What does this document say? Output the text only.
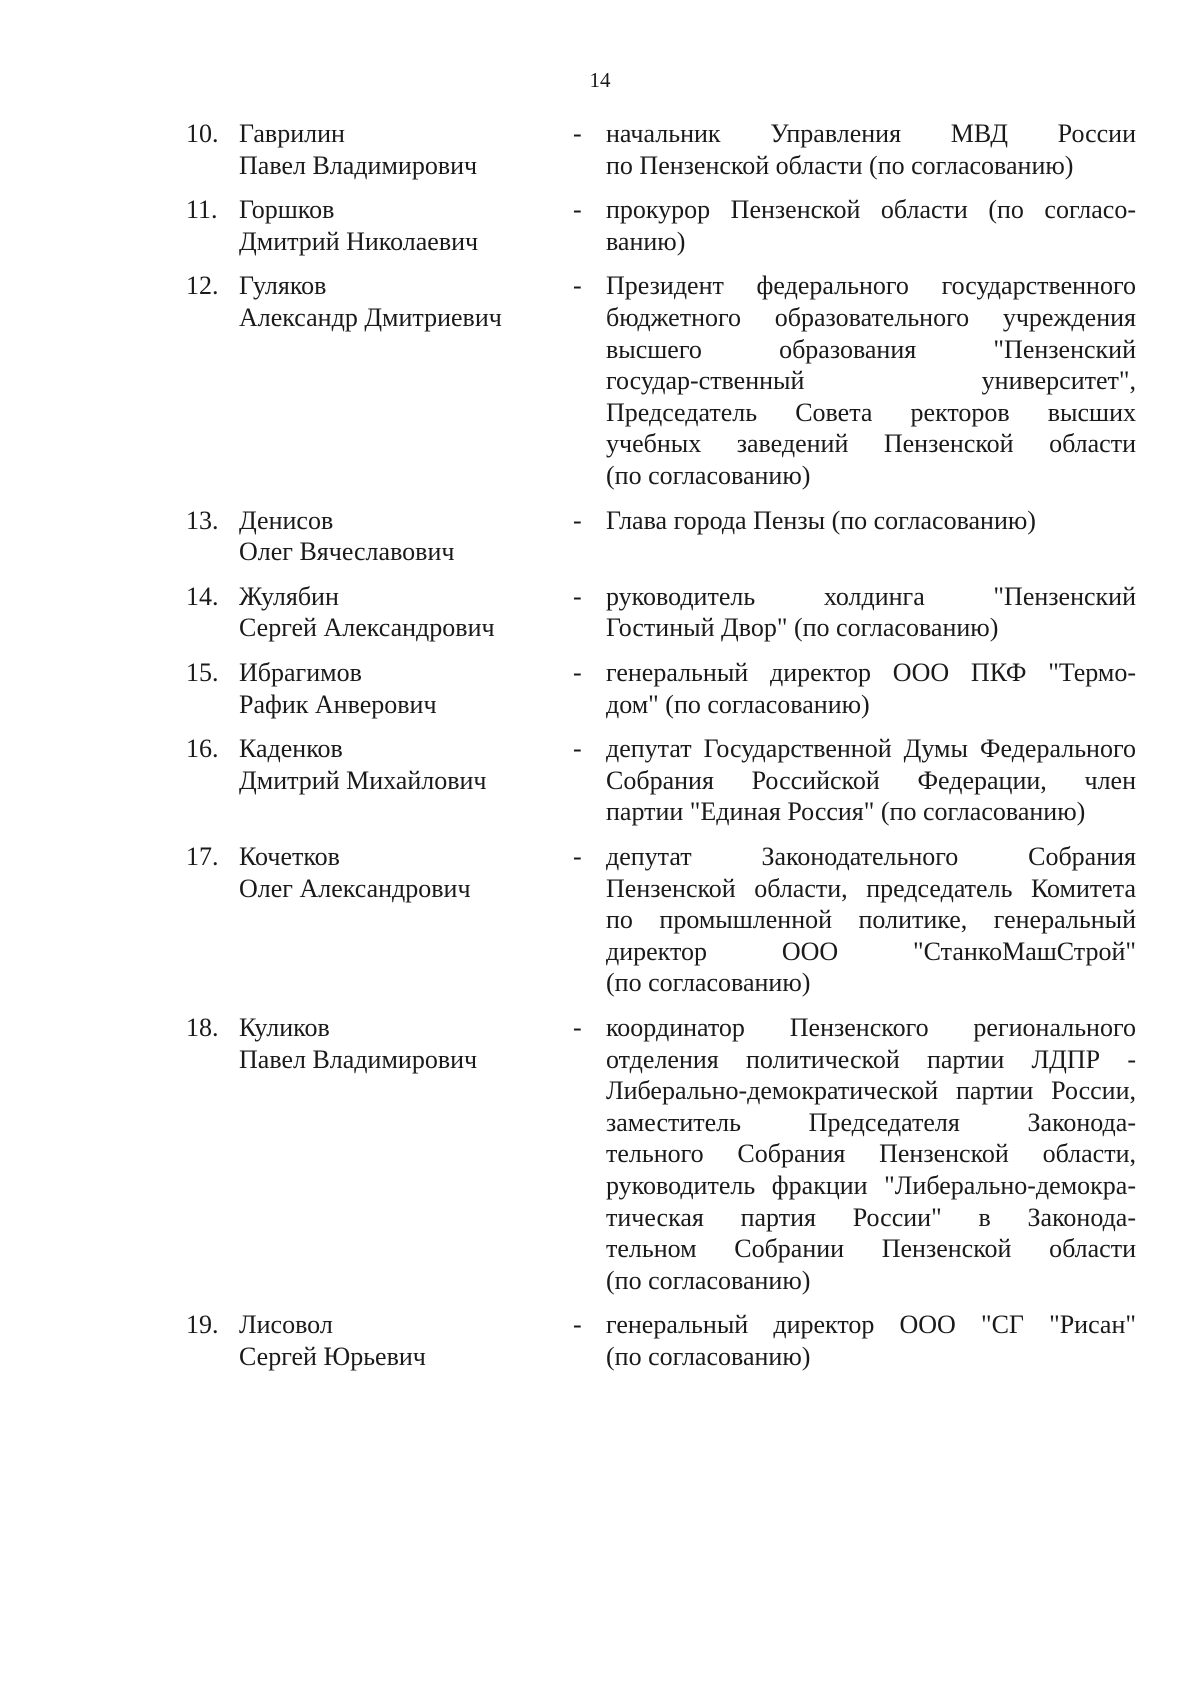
14
10. Гаврилин
Павел Владимирович
- начальник Управления МВД России
по Пензенской области (по согласованию)
11. Горшков
Дмитрий Николаевич
- прокурор Пензенской области (по согласо-
ванию)
12. Гуляков
Александр Дмитриевич
- Президент федерального государственного
бюджетного образовательного учреждения
высшего образования "Пензенский
государ-ственный университет",
Председатель Совета ректоров высших
учебных заведений Пензенской области
(по согласованию)
13. Денисов
Олег Вячеславович
- Глава города Пензы (по согласованию)
14. Жулябин
Сергей Александрович
- руководитель холдинга "Пензенский
Гостиный Двор" (по согласованию)
15. Ибрагимов
Рафик Анверович
- генеральный директор ООО ПКФ "Термо-
дом" (по согласованию)
16. Каденков
Дмитрий Михайлович
- депутат Государственной Думы Федерального
Собрания Российской Федерации, член
партии "Единая Россия" (по согласованию)
17. Кочетков
Олег Александрович
- депутат Законодательного Собрания
Пензенской области, председатель Комитета
по промышленной политике, генеральный
директор ООО "СтанкоМашСтрой"
(по согласованию)
18. Куликов
Павел Владимирович
- координатор Пензенского регионального
отделения политической партии ЛДПР -
Либерально-демократической партии России,
заместитель Председателя Законода-
тельного Собрания Пензенской области,
руководитель фракции "Либерально-демокра-
тическая партия России" в Законода-
тельном Собрании Пензенской области
(по согласованию)
19. Лисовол
Сергей Юрьевич
- генеральный директор ООО "СГ "Рисан"
(по согласованию)
